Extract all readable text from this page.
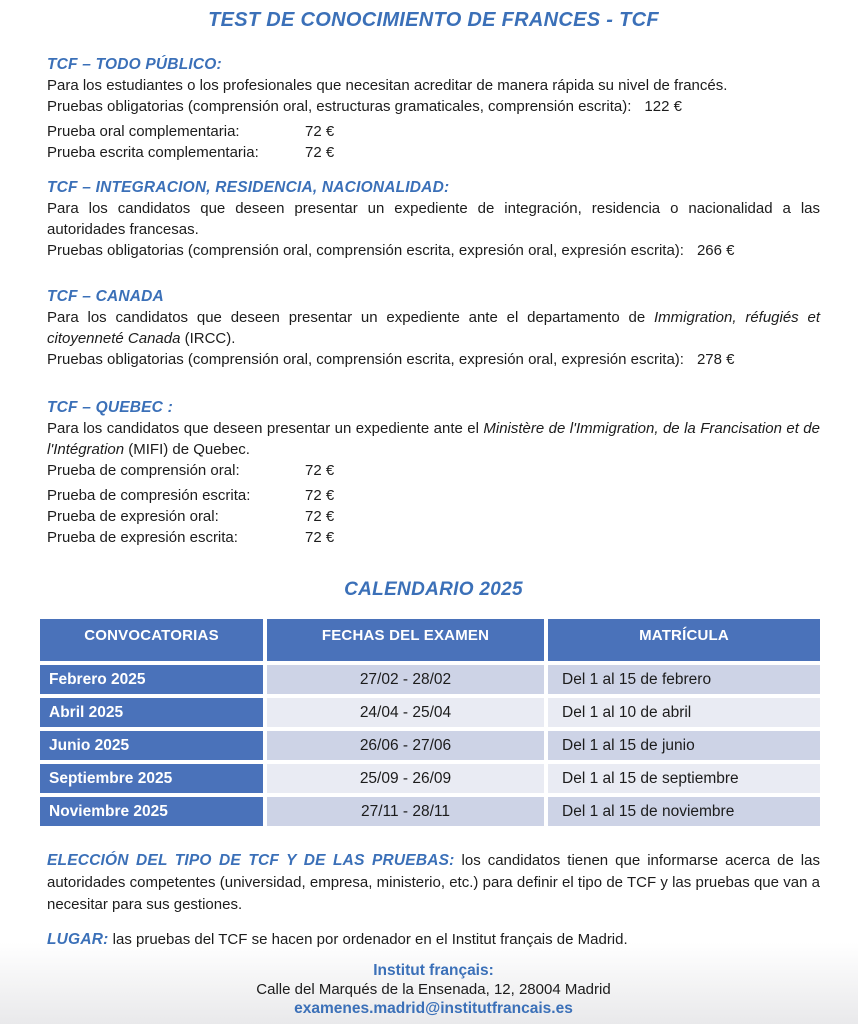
TEST DE CONOCIMIENTO DE FRANCES - TCF
TCF – TODO PÚBLICO:

Para los estudiantes o los profesionales que necesitan acreditar de manera rápida su nivel de francés.

Pruebas obligatorias (comprensión oral, estructuras gramaticales, comprensión escrita): 122 €

Prueba oral complementaria:	72 €
Prueba escrita complementaria:	72 €
TCF – INTEGRACION, RESIDENCIA, NACIONALIDAD:

Para los candidatos que deseen presentar un expediente de integración, residencia o nacionalidad a las autoridades francesas.

Pruebas obligatorias (comprensión oral, comprensión escrita, expresión oral, expresión escrita): 266 €

TCF – CANADA

Para los candidatos que deseen presentar un expediente ante el departamento de Immigration, réfugiés et citoyenneté Canada (IRCC).

Pruebas obligatorias (comprensión oral, comprensión escrita, expresión oral, expresión escrita): 278 €

TCF – QUEBEC :

Para los candidatos que deseen presentar un expediente ante el Ministère de l'Immigration, de la Francisation et de l'Intégration (MIFI) de Quebec.

Prueba de comprensión oral:	72 €
Prueba de compresión escrita:	72 €
Prueba de expresión oral:	72 €
Prueba de expresión escrita:	72 €
CALENDARIO 2025
CONVOCATORIAS	FECHAS DEL EXAMEN	MATRÍCULA
Febrero 2025	27/02 - 28/02	Del 1 al 15 de febrero
Abril 2025	24/04 - 25/04	Del 1 al 10 de abril
Junio 2025	26/06 - 27/06	Del 1 al 15 de junio
Septiembre 2025	25/09 - 26/09	Del 1 al 15 de septiembre
Noviembre 2025	27/11 - 28/11	Del 1 al 15 de noviembre

ELECCIÓN DEL TIPO DE TCF Y DE LAS PRUEBAS: los candidatos tienen que informarse acerca de las autoridades competentes (universidad, empresa, ministerio, etc.) para definir el tipo de TCF y las pruebas que van a necesitar para sus gestiones.

LUGAR: las pruebas del TCF se hacen por ordenador en el Institut français de Madrid.

Institut français:

Calle del Marqués de la Ensenada, 12, 28004 Madrid

examenes.madrid@institutfrancais.es
